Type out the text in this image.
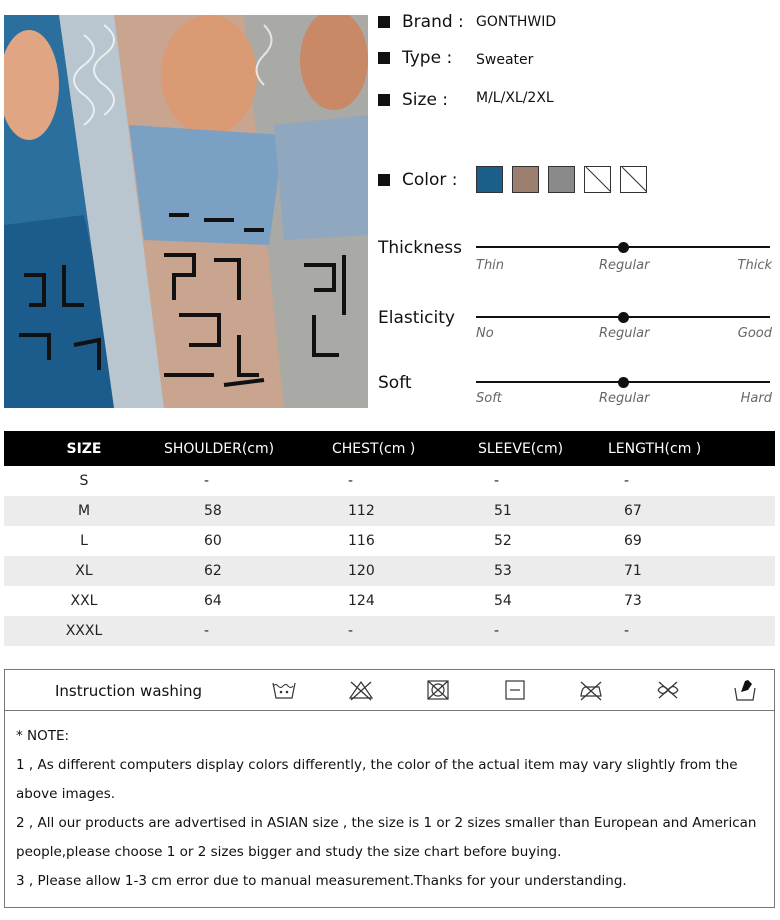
Brand : GONTHWID
Type :	Sweater
Size :	M/L/XL/2XL
Color :
Thickness
Thin	Regular	Thick
Elasticity
No	Regular	Good
Soft
Soft	Regular	Hard
SIZE	SHOULDER(cm)	CHEST(cm )	SLEEVE(cm)	LENGTH(cm )
S	-	-	-	-
M	58	112	51	67
L	60	116	52	69
XL	62	120	53	71
XXL	64	124	54	73
XXXL	-	-	-	-
Instruction washing

* NOTE:

1 , As different computers display colors differently, the color of the actual item may vary slightly from the above images.

2 , All our products are advertised in ASIAN size , the size is 1 or 2 sizes smaller than European and American people,please choose 1 or 2 sizes bigger and study the size chart before buying.

3 , Please allow 1-3 cm error due to manual measurement.Thanks for your understanding.
